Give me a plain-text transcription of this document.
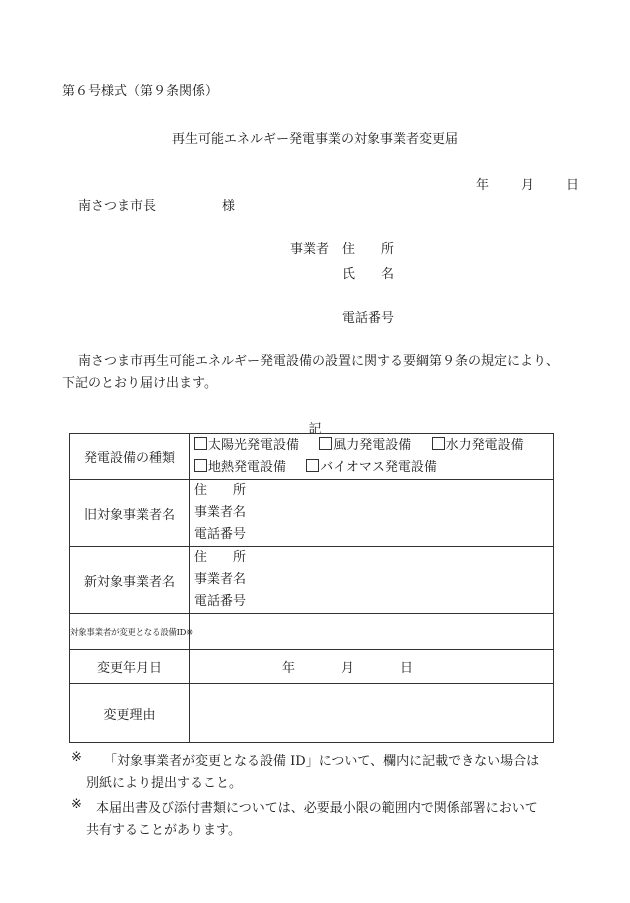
第６号様式（第９条関係）
再生可能エネルギー発電事業の対象事業者変更届
年 月 日
南さつま市長	様
事業者 住　　所
氏　　名
電話番号
南さつま市再生可能エネルギー発電設備の設置に関する要綱第９条の規定により、
下記のとおり届け出ます。
記
発電設備の種類	太陽光発電設備 風力発電設備 水力発電設備
地熱発電設備 バイオマス発電設備

旧対象事業者名	住　　所
事業者名
電話番号

新対象事業者名	住　　所
事業者名
電話番号

対象事業者が変更となる設備ID※	

変更年月日	年 月 日
変更理由	
※ 「対象事業者が変更となる設備 ID」について、欄内に記載できない場合は
別紙により提出すること。
※ 本届出書及び添付書類については、必要最小限の範囲内で関係部署において
共有することがあります。
